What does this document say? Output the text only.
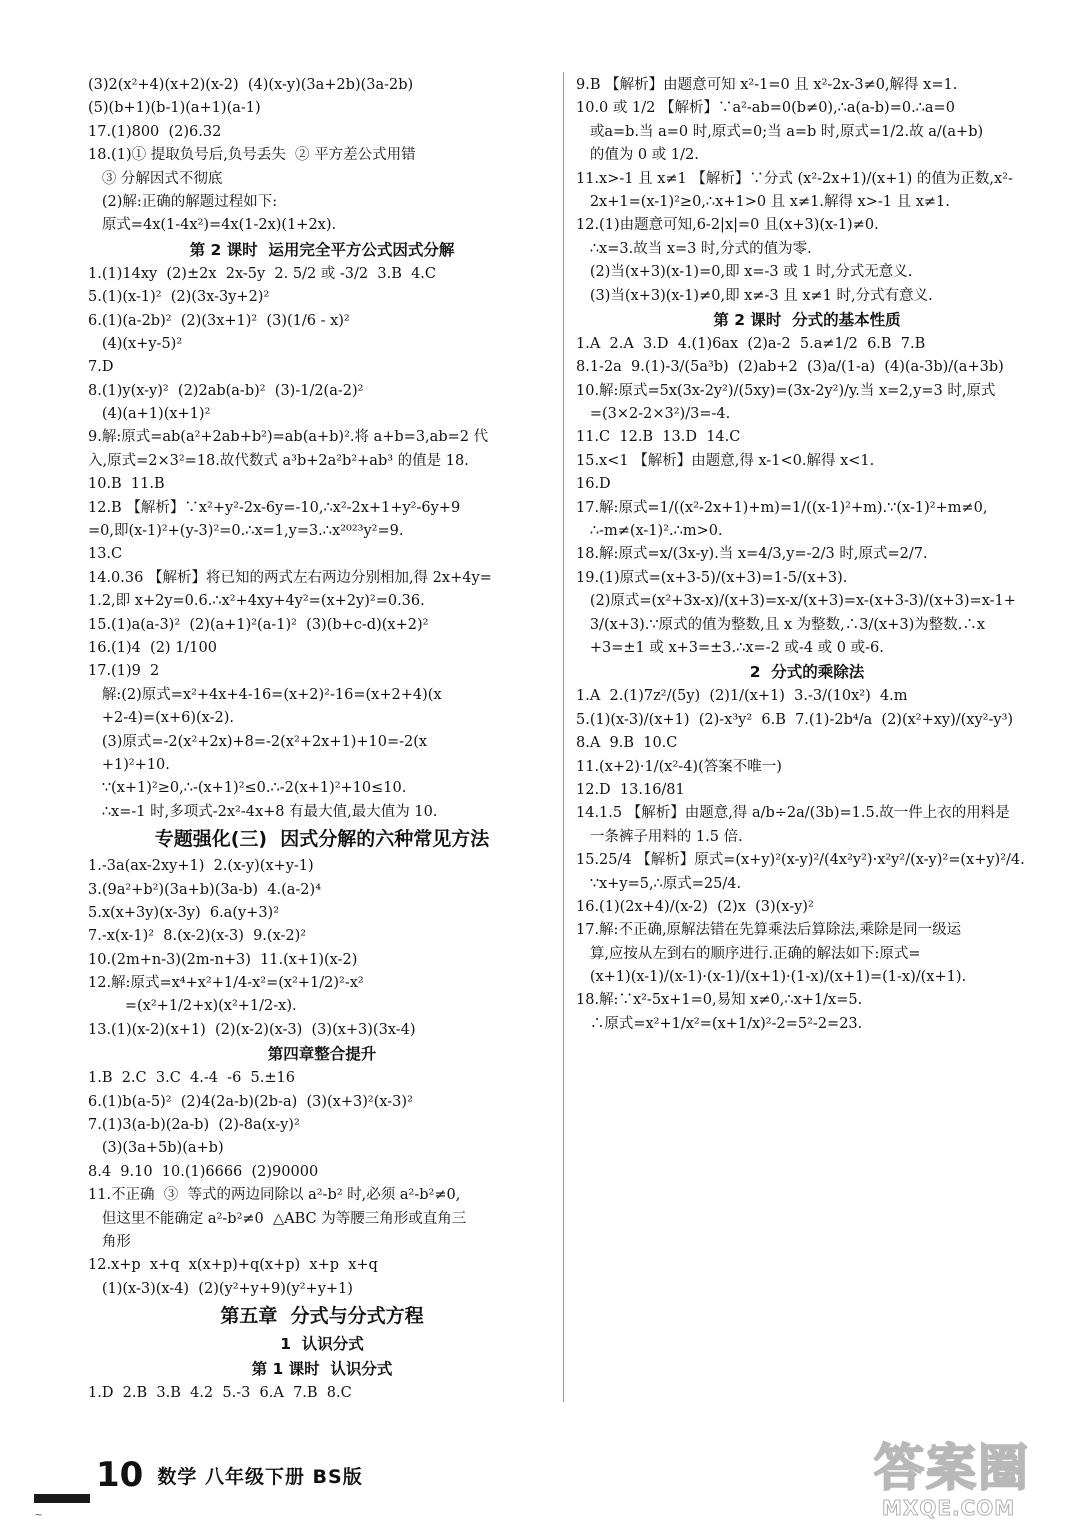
(3)2(x²+4)(x+2)(x-2)  (4)(x-y)(3a+2b)(3a-2b)
(5)(b+1)(b-1)(a+1)(a-1)
17.(1)800  (2)6.32
18.(1)① 提取负号后,负号丢失  ② 平方差公式用错
③ 分解因式不彻底
(2)解:正确的解题过程如下:
原式=4x(1-4x²)=4x(1-2x)(1+2x).
第 2 课时  运用完全平方公式因式分解
1.(1)14xy  (2)±2x  2x-5y  2. 5/2 或 -3/2  3.B  4.C
5.(1)(x-1)²  (2)(3x-3y+2)²
6.(1)(a-2b)²  (2)(3x+1)²  (3)(1/6 - x)²
(4)(x+y-5)²
7.D
8.(1)y(x-y)²  (2)2ab(a-b)²  (3)-1/2(a-2)²
(4)(a+1)(x+1)²
9.解:原式=ab(a²+2ab+b²)=ab(a+b)².将 a+b=3,ab=2 代
入,原式=2×3²=18.故代数式 a³b+2a²b²+ab³ 的值是 18.
10.B  11.B
12.B 【解析】∵x²+y²-2x-6y=-10,∴x²-2x+1+y²-6y+9
=0,即(x-1)²+(y-3)²=0.∴x=1,y=3.∴x²⁰²³y²=9.
13.C
14.0.36 【解析】将已知的两式左右两边分别相加,得 2x+4y=
1.2,即 x+2y=0.6.∴x²+4xy+4y²=(x+2y)²=0.36.
15.(1)a(a-3)²  (2)(a+1)²(a-1)²  (3)(b+c-d)(x+2)²
16.(1)4  (2) 1/100
17.(1)9  2
解:(2)原式=x²+4x+4-16=(x+2)²-16=(x+2+4)(x
+2-4)=(x+6)(x-2).
(3)原式=-2(x²+2x)+8=-2(x²+2x+1)+10=-2(x
+1)²+10.
∵(x+1)²≥0,∴-(x+1)²≤0.∴-2(x+1)²+10≤10.
∴x=-1 时,多项式-2x²-4x+8 有最大值,最大值为 10.
专题强化(三)  因式分解的六种常见方法
1.-3a(ax-2xy+1)  2.(x-y)(x+y-1)
3.(9a²+b²)(3a+b)(3a-b)  4.(a-2)⁴
5.x(x+3y)(x-3y)  6.a(y+3)²
7.-x(x-1)²  8.(x-2)(x-3)  9.(x-2)²
10.(2m+n-3)(2m-n+3)  11.(x+1)(x-2)
12.解:原式=x⁴+x²+1/4-x²=(x²+1/2)²-x²
=(x²+1/2+x)(x²+1/2-x).
13.(1)(x-2)(x+1)  (2)(x-2)(x-3)  (3)(x+3)(3x-4)
第四章整合提升
1.B  2.C  3.C  4.-4  -6  5.±16
6.(1)b(a-5)²  (2)4(2a-b)(2b-a)  (3)(x+3)²(x-3)²
7.(1)3(a-b)(2a-b)  (2)-8a(x-y)²
(3)(3a+5b)(a+b)
8.4  9.10  10.(1)6666  (2)90000
11.不正确  ③  等式的两边同除以 a²-b² 时,必须 a²-b²≠0,
但这里不能确定 a²-b²≠0  △ABC 为等腰三角形或直角三
角形
12.x+p  x+q  x(x+p)+q(x+p)  x+p  x+q
(1)(x-3)(x-4)  (2)(y²+y+9)(y²+y+1)
第五章  分式与分式方程
1  认识分式
第 1 课时  认识分式
1.D  2.B  3.B  4.2  5.-3  6.A  7.B  8.C
9.B 【解析】由题意可知 x²-1=0 且 x²-2x-3≠0,解得 x=1.
10.0 或 1/2 【解析】∵a²-ab=0(b≠0),∴a(a-b)=0.∴a=0
或a=b.当 a=0 时,原式=0;当 a=b 时,原式=1/2.故 a/(a+b)
的值为 0 或 1/2.
11.x>-1 且 x≠1 【解析】∵分式 (x²-2x+1)/(x+1) 的值为正数,x²-
2x+1=(x-1)²≥0,∴x+1>0 且 x≠1.解得 x>-1 且 x≠1.
12.(1)由题意可知,6-2|x|=0 且(x+3)(x-1)≠0.
∴x=3.故当 x=3 时,分式的值为零.
(2)当(x+3)(x-1)=0,即 x=-3 或 1 时,分式无意义.
(3)当(x+3)(x-1)≠0,即 x≠-3 且 x≠1 时,分式有意义.
第 2 课时  分式的基本性质
1.A  2.A  3.D  4.(1)6ax  (2)a-2  5.a≠1/2  6.B  7.B
8.1-2a  9.(1)-3/(5a³b)  (2)ab+2  (3)a/(1-a)  (4)(a-3b)/(a+3b)
10.解:原式=5x(3x-2y²)/(5xy)=(3x-2y²)/y.当 x=2,y=3 时,原式
=(3×2-2×3²)/3=-4.
11.C  12.B  13.D  14.C
15.x<1 【解析】由题意,得 x-1<0.解得 x<1.
16.D
17.解:原式=1/((x²-2x+1)+m)=1/((x-1)²+m).∵(x-1)²+m≠0,
∴-m≠(x-1)².∴m>0.
18.解:原式=x/(3x-y).当 x=4/3,y=-2/3 时,原式=2/7.
19.(1)原式=(x+3-5)/(x+3)=1-5/(x+3).
(2)原式=(x²+3x-x)/(x+3)=x-x/(x+3)=x-(x+3-3)/(x+3)=x-1+
3/(x+3).∵原式的值为整数,且 x 为整数,∴3/(x+3)为整数.∴x
+3=±1 或 x+3=±3.∴x=-2 或-4 或 0 或-6.
2  分式的乘除法
1.A  2.(1)7z²/(5y)  (2)1/(x+1)  3.-3/(10x²)  4.m
5.(1)(x-3)/(x+1)  (2)-x³y²  6.B  7.(1)-2b⁴/a  (2)(x²+xy)/(xy²-y³)
8.A  9.B  10.C
11.(x+2)·1/(x²-4)(答案不唯一)
12.D  13.16/81
14.1.5 【解析】由题意,得 a/b÷2a/(3b)=1.5.故一件上衣的用料是
一条裤子用料的 1.5 倍.
15.25/4 【解析】原式=(x+y)²(x-y)²/(4x²y²)·x²y²/(x-y)²=(x+y)²/4.
∵x+y=5,∴原式=25/4.
16.(1)(2x+4)/(x-2)  (2)x  (3)(x-y)²
17.解:不正确,原解法错在先算乘法后算除法,乘除是同一级运
算,应按从左到右的顺序进行.正确的解法如下:原式=
(x+1)(x-1)/(x-1)·(x-1)/(x+1)·(1-x)/(x+1)=(1-x)/(x+1).
18.解:∵x²-5x+1=0,易知 x≠0,∴x+1/x=5.
∴原式=x²+1/x²=(x+1/x)²-2=5²-2=23.
10 数学 八年级下册 BS版
~
答案圈
MXQE.COM
